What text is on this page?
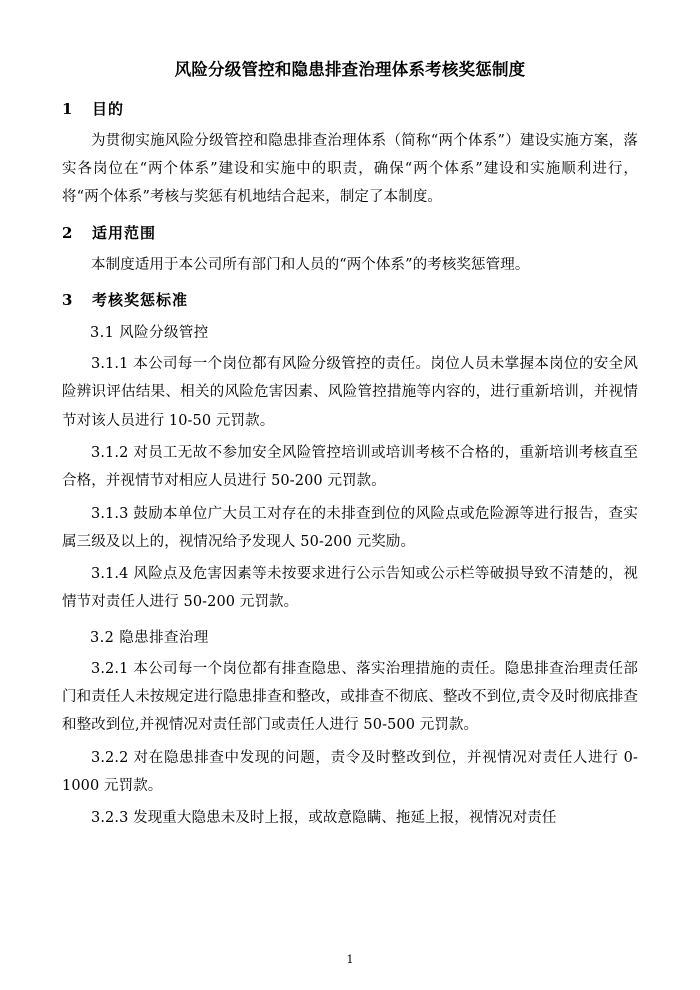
风险分级管控和隐患排查治理体系考核奖惩制度
1	目的

为贯彻实施风险分级管控和隐患排查治理体系（简称“两个体系”）建设实施方案，落实各岗位在“两个体系”建设和实施中的职责，确保“两个体系”建设和实施顺利进行，将“两个体系”考核与奖惩有机地结合起来，制定了本制度。

2	适用范围

本制度适用于本公司所有部门和人员的“两个体系”的考核奖惩管理。

3	考核奖惩标准
3.1 风险分级管控

3.1.1 本公司每一个岗位都有风险分级管控的责任。岗位人员未掌握本岗位的安全风险辨识评估结果、相关的风险危害因素、风险管控措施等内容的，进行重新培训，并视情节对该人员进行 10-50 元罚款。

3.1.2 对员工无故不参加安全风险管控培训或培训考核不合格的，重新培训考核直至合格，并视情节对相应人员进行 50-200 元罚款。

3.1.3 鼓励本单位广大员工对存在的未排查到位的风险点或危险源等进行报告，查实属三级及以上的，视情况给予发现人 50-200 元奖励。

3.1.4 风险点及危害因素等未按要求进行公示告知或公示栏等破损导致不清楚的，视情节对责任人进行 50-200 元罚款。

3.2 隐患排查治理

3.2.1 本公司每一个岗位都有排查隐患、落实治理措施的责任。隐患排查治理责任部门和责任人未按规定进行隐患排查和整改，或排查不彻底、整改不到位,责令及时彻底排查和整改到位,并视情况对责任部门或责任人进行 50-500 元罚款。

3.2.2 对在隐患排查中发现的问题，责令及时整改到位，并视情况对责任人进行 0-1000 元罚款。

3.2.3 发现重大隐患未及时上报，或故意隐瞒、拖延上报，视情况对责任

1
